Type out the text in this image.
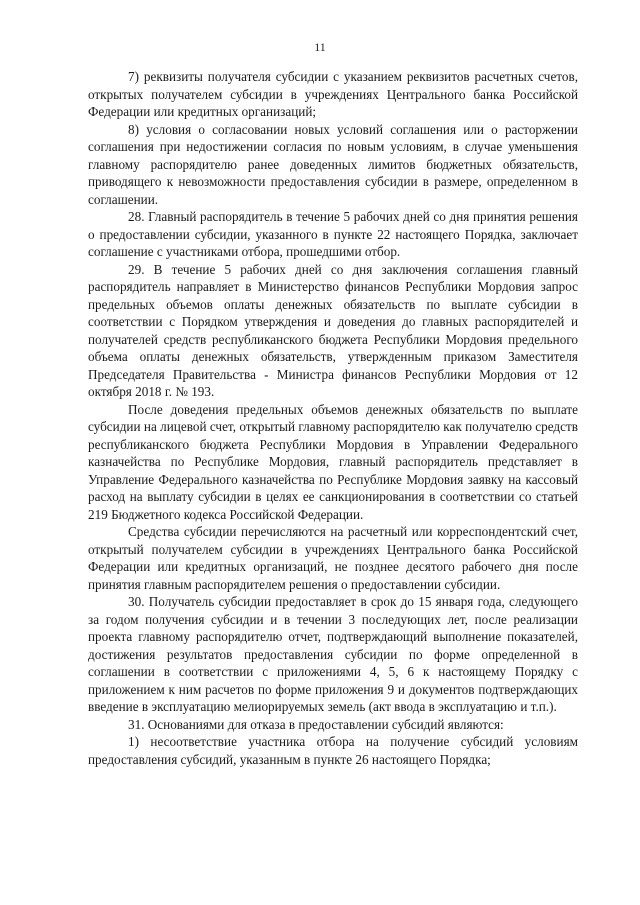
11

7) реквизиты получателя субсидии с указанием реквизитов расчетных счетов, открытых получателем субсидии в учреждениях Центрального банка Российской Федерации или кредитных организаций;

8) условия о согласовании новых условий соглашения или о расторжении соглашения при недостижении согласия по новым условиям, в случае уменьшения главному распорядителю ранее доведенных лимитов бюджетных обязательств, приводящего к невозможности предоставления субсидии в размере, определенном в соглашении.

28. Главный распорядитель в течение 5 рабочих дней со дня принятия решения о предоставлении субсидии, указанного в пункте 22 настоящего Порядка, заключает соглашение с участниками отбора, прошедшими отбор.

29. В течение 5 рабочих дней со дня заключения соглашения главный распорядитель направляет в Министерство финансов Республики Мордовия запрос предельных объемов оплаты денежных обязательств по выплате субсидии в соответствии с Порядком утверждения и доведения до главных распорядителей и получателей средств республиканского бюджета Республики Мордовия предельного объема оплаты денежных обязательств, утвержденным приказом Заместителя Председателя Правительства - Министра финансов Республики Мордовия от 12 октября 2018 г. № 193.

После доведения предельных объемов денежных обязательств по выплате субсидии на лицевой счет, открытый главному распорядителю как получателю средств республиканского бюджета Республики Мордовия в Управлении Федерального казначейства по Республике Мордовия, главный распорядитель представляет в Управление Федерального казначейства по Республике Мордовия заявку на кассовый расход на выплату субсидии в целях ее санкционирования в соответствии со статьей 219 Бюджетного кодекса Российской Федерации.

Средства субсидии перечисляются на расчетный или корреспондентский счет, открытый получателем субсидии в учреждениях Центрального банка Российской Федерации или кредитных организаций, не позднее десятого рабочего дня после принятия главным распорядителем решения о предоставлении субсидии.

30. Получатель субсидии предоставляет в срок до 15 января года, следующего за годом получения субсидии и в течении 3 последующих лет, после реализации проекта главному распорядителю отчет, подтверждающий выполнение показателей, достижения результатов предоставления субсидии по форме определенной в соглашении в соответствии с приложениями 4, 5, 6 к настоящему Порядку с приложением к ним расчетов по форме приложения 9 и документов подтверждающих введение в эксплуатацию мелиорируемых земель (акт ввода в эксплуатацию и т.п.).

31. Основаниями для отказа в предоставлении субсидий являются:

1) несоответствие участника отбора на получение субсидий условиям предоставления субсидий, указанным в пункте 26 настоящего Порядка;
